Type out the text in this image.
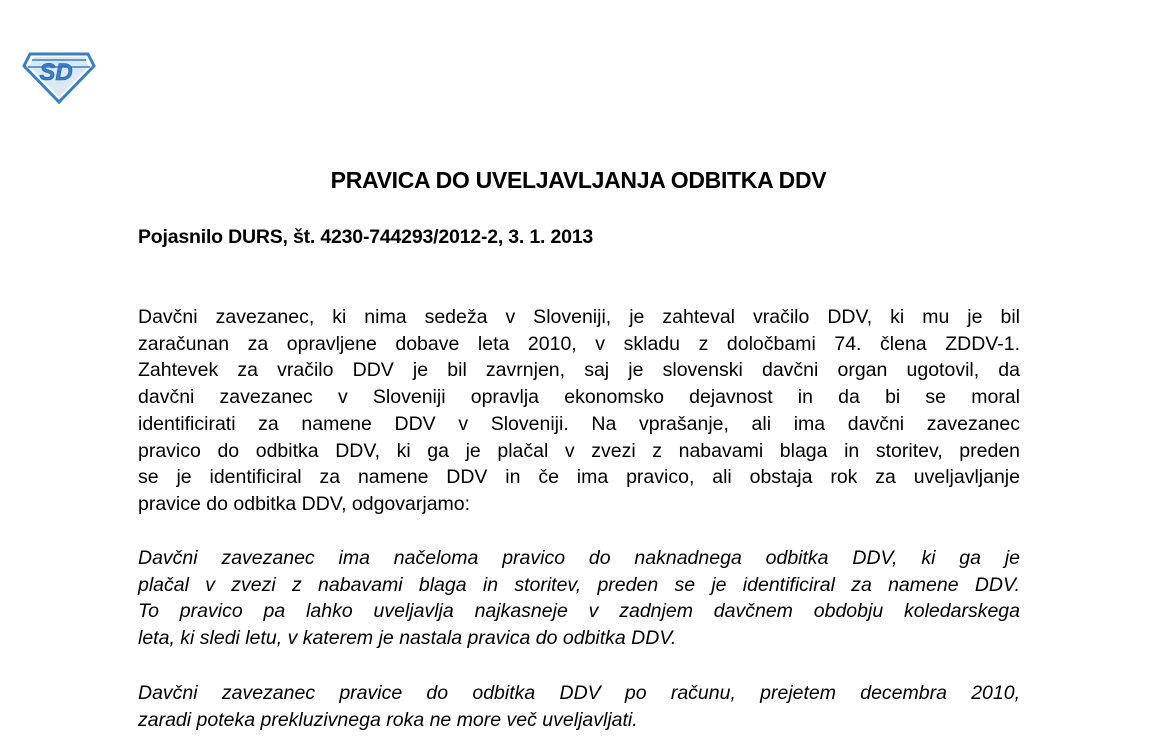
SD
PRAVICA DO UVELJAVLJANJA ODBITKA DDV

Pojasnilo DURS, št. 4230-744293/2012-2, 3. 1. 2013

Davčni zavezanec, ki nima sedeža v Sloveniji, je zahteval vračilo DDV, ki mu je bil
zaračunan za opravljene dobave leta 2010, v skladu z določbami 74. člena ZDDV-1.
Zahtevek za vračilo DDV je bil zavrnjen, saj je slovenski davčni organ ugotovil, da
davčni zavezanec v Sloveniji opravlja ekonomsko dejavnost in da bi se moral
identificirati za namene DDV v Sloveniji. Na vprašanje, ali ima davčni zavezanec
pravico do odbitka DDV, ki ga je plačal v zvezi z nabavami blaga in storitev, preden
se je identificiral za namene DDV in če ima pravico, ali obstaja rok za uveljavljanje
pravice do odbitka DDV, odgovarjamo:
Davčni zavezanec ima načeloma pravico do naknadnega odbitka DDV, ki ga je
plačal v zvezi z nabavami blaga in storitev, preden se je identificiral za namene DDV.
To pravico pa lahko uveljavlja najkasneje v zadnjem davčnem obdobju koledarskega
leta, ki sledi letu, v katerem je nastala pravica do odbitka DDV.
Davčni zavezanec pravice do odbitka DDV po računu, prejetem decembra 2010,
zaradi poteka prekluzivnega roka ne more več uveljavljati.
